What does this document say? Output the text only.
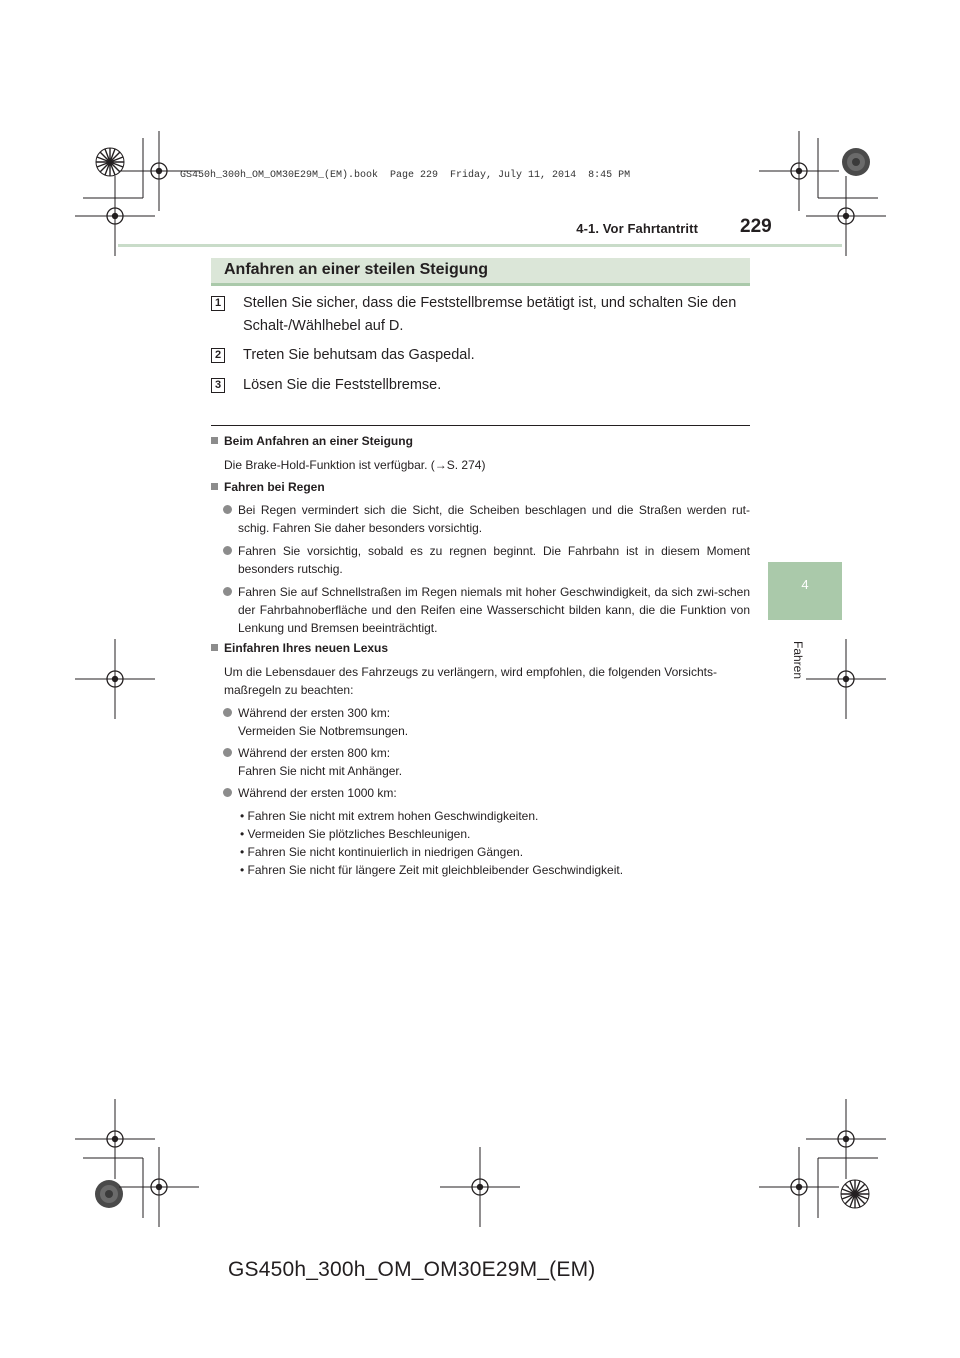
GS450h_300h_OM_OM30E29M_(EM).book  Page 229  Friday, July 11, 2014  8:45 PM
4-1. Vor Fahrtantritt 229
4
Fahren
Anfahren an einer steilen Steigung
1 Stellen Sie sicher, dass die Feststellbremse betätigt ist, und schalten Sie den Schalt-/Wählhebel auf D.
2 Treten Sie behutsam das Gaspedal.
3 Lösen Sie die Feststellbremse.
Beim Anfahren an einer Steigung
Die Brake-Hold-Funktion ist verfügbar. (→S. 274)
Fahren bei Regen
Bei Regen vermindert sich die Sicht, die Scheiben beschlagen und die Straßen werden rut-schig. Fahren Sie daher besonders vorsichtig.
Fahren Sie vorsichtig, sobald es zu regnen beginnt. Die Fahrbahn ist in diesem Moment besonders rutschig.
Fahren Sie auf Schnellstraßen im Regen niemals mit hoher Geschwindigkeit, da sich zwi-schen der Fahrbahnoberfläche und den Reifen eine Wasserschicht bilden kann, die die Funktion von Lenkung und Bremsen beeinträchtigt.
Einfahren Ihres neuen Lexus
Um die Lebensdauer des Fahrzeugs zu verlängern, wird empfohlen, die folgenden Vorsichts-maßregeln zu beachten:
Während der ersten 300 km:
Vermeiden Sie Notbremsungen.
Während der ersten 800 km:
Fahren Sie nicht mit Anhänger.
Während der ersten 1000 km:
• Fahren Sie nicht mit extrem hohen Geschwindigkeiten.
• Vermeiden Sie plötzliches Beschleunigen.
• Fahren Sie nicht kontinuierlich in niedrigen Gängen.
• Fahren Sie nicht für längere Zeit mit gleichbleibender Geschwindigkeit.
GS450h_300h_OM_OM30E29M_(EM)
